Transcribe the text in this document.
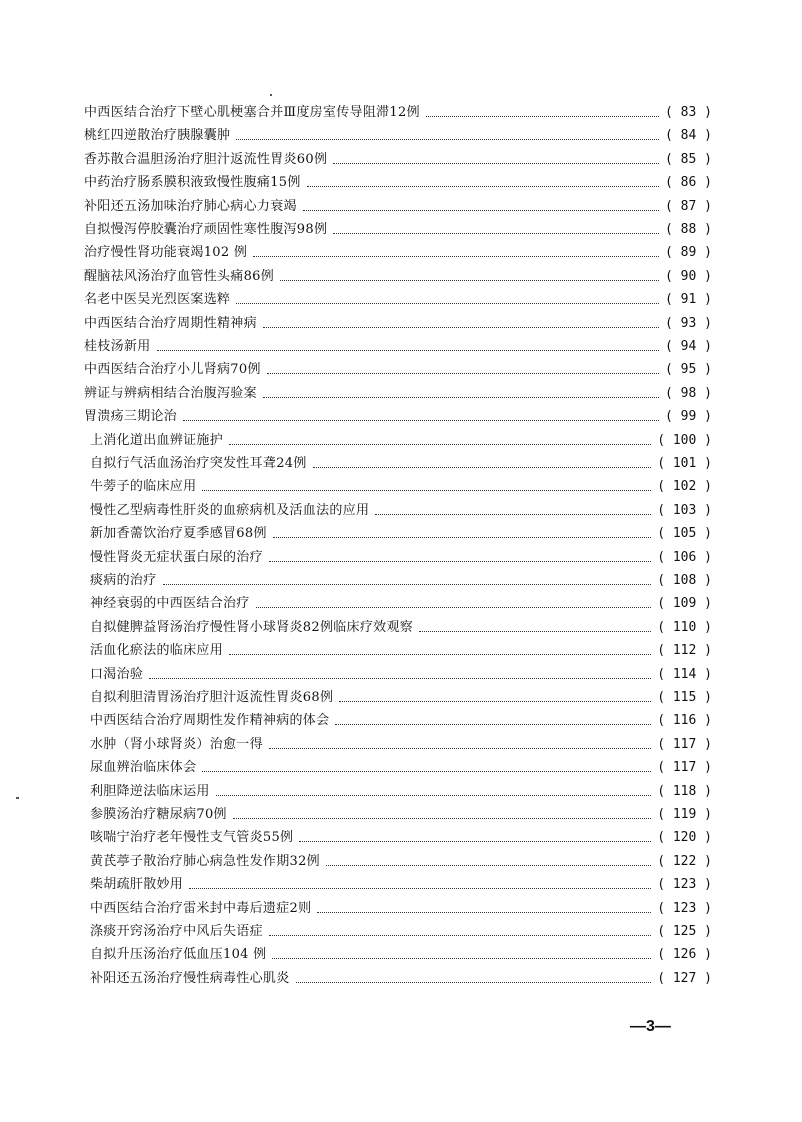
中西医结合治疗下壁心肌梗塞合并Ⅲ度房室传导阻滞12例	( 83 )
桃红四逆散治疗胰腺囊肿	( 84 )
香苏散合温胆汤治疗胆汁返流性胃炎60例	( 85 )
中药治疗肠系膜积液致慢性腹痛15例	( 86 )
补阳还五汤加味治疗肺心病心力衰竭	( 87 )
自拟慢泻停胶囊治疗顽固性寒性腹泻98例	( 88 )
治疗慢性肾功能衰竭102 例	( 89 )
醒脑祛风汤治疗血管性头痛86例	( 90 )
名老中医吴光烈医案选粹	( 91 )
中西医结合治疗周期性精神病	( 93 )
桂枝汤新用	( 94 )
中西医结合治疗小儿肾病70例	( 95 )
辨证与辨病相结合治腹泻验案	( 98 )
胃溃疡三期论治	( 99 )
上消化道出血辨证施护	( 100 )
自拟行气活血汤治疗突发性耳聋24例	( 101 )
牛蒡子的临床应用	( 102 )
慢性乙型病毒性肝炎的血瘀病机及活血法的应用	( 103 )
新加香薷饮治疗夏季感冒68例	( 105 )
慢性肾炎无症状蛋白尿的治疗	( 106 )
痰病的治疗	( 108 )
神经衰弱的中西医结合治疗	( 109 )
自拟健脾益肾汤治疗慢性肾小球肾炎82例临床疗效观察	( 110 )
活血化瘀法的临床应用	( 112 )
口渴治验	( 114 )
自拟利胆清胃汤治疗胆汁返流性胃炎68例	( 115 )
中西医结合治疗周期性发作精神病的体会	( 116 )
水肿（肾小球肾炎）治愈一得	( 117 )
尿血辨治临床体会	( 117 )
利胆降逆法临床运用	( 118 )
参膜汤治疗糖尿病70例	( 119 )
咳喘宁治疗老年慢性支气管炎55例	( 120 )
黄芪葶子散治疗肺心病急性发作期32例	( 122 )
柴胡疏肝散妙用	( 123 )
中西医结合治疗雷米封中毒后遗症2则	( 123 )
涤痰开窍汤治疗中风后失语症	( 125 )
自拟升压汤治疗低血压104 例	( 126 )
补阳还五汤治疗慢性病毒性心肌炎	( 127 )
—3—
